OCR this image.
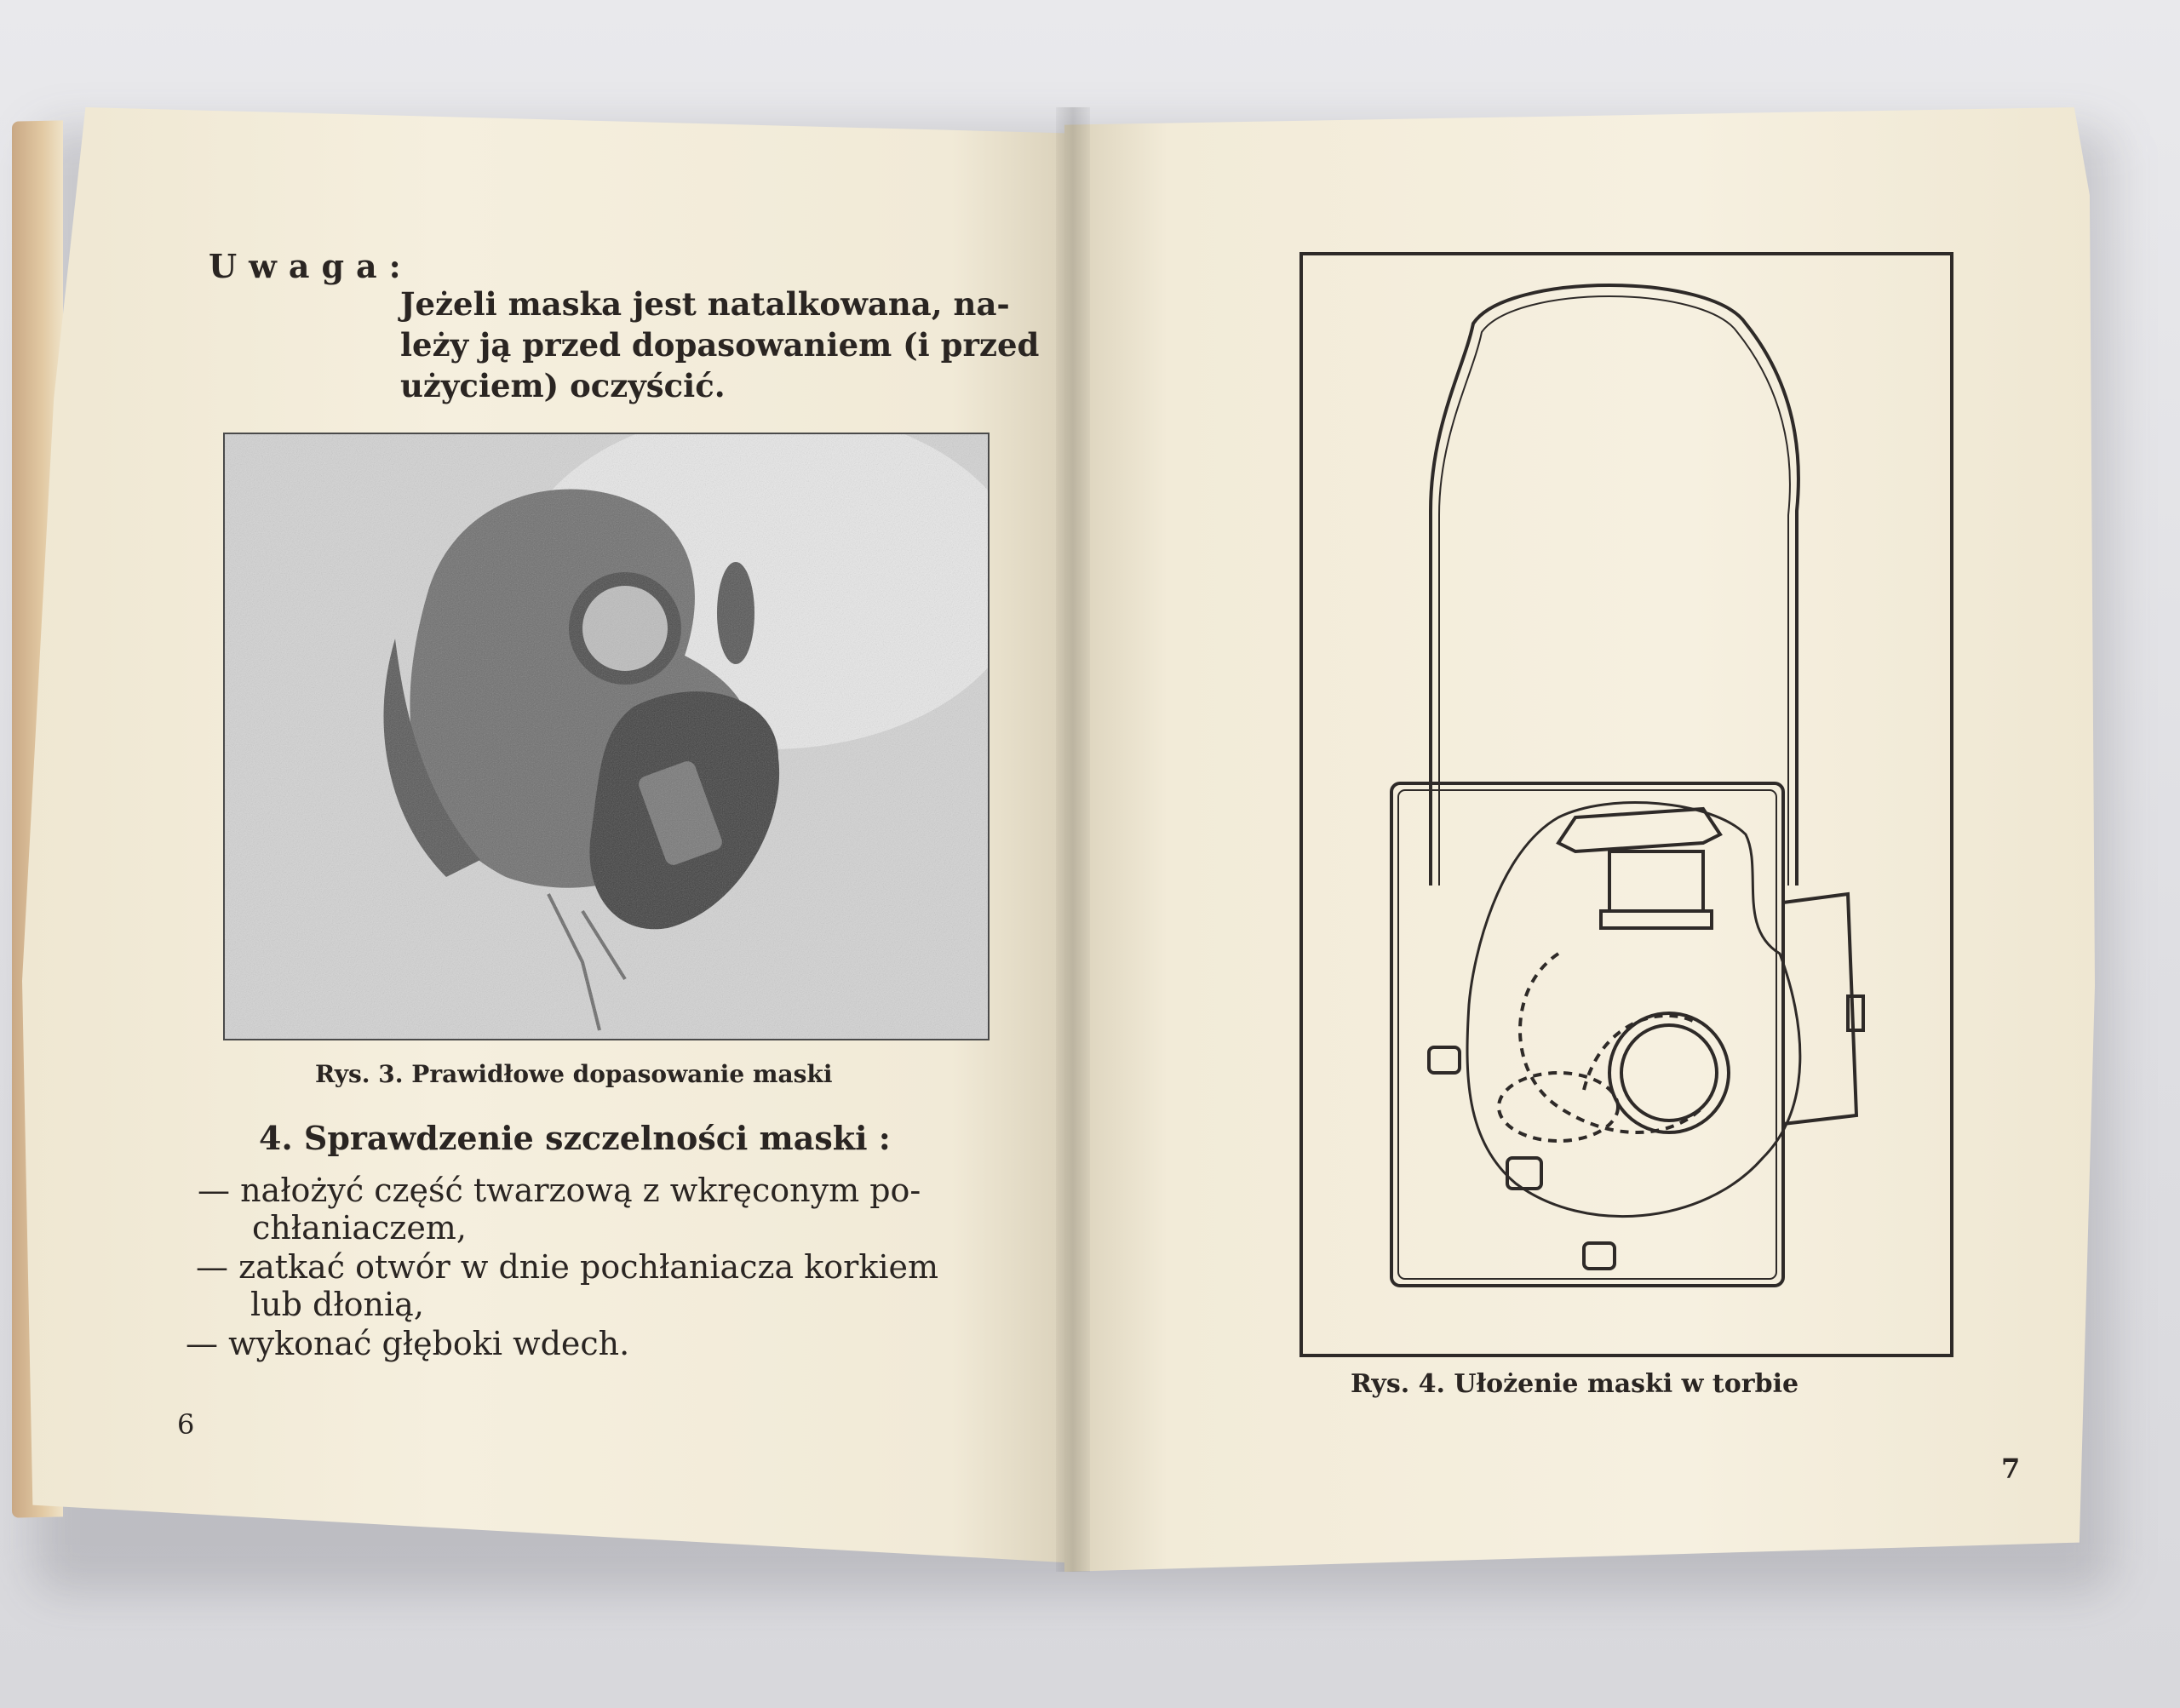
Uwaga:
Jeżeli maska jest natalkowana, na-
leży ją przed dopasowaniem (i przed
użyciem) oczyścić.
Rys. 3. Prawidłowe dopasowanie maski
4. Sprawdzenie szczelności maski :
— nałożyć część twarzową z wkręconym po-
chłaniaczem,
— zatkać otwór w dnie pochłaniacza korkiem
lub dłonią,
— wykonać głęboki wdech.
6
Rys. 4. Ułożenie maski w torbie
7
